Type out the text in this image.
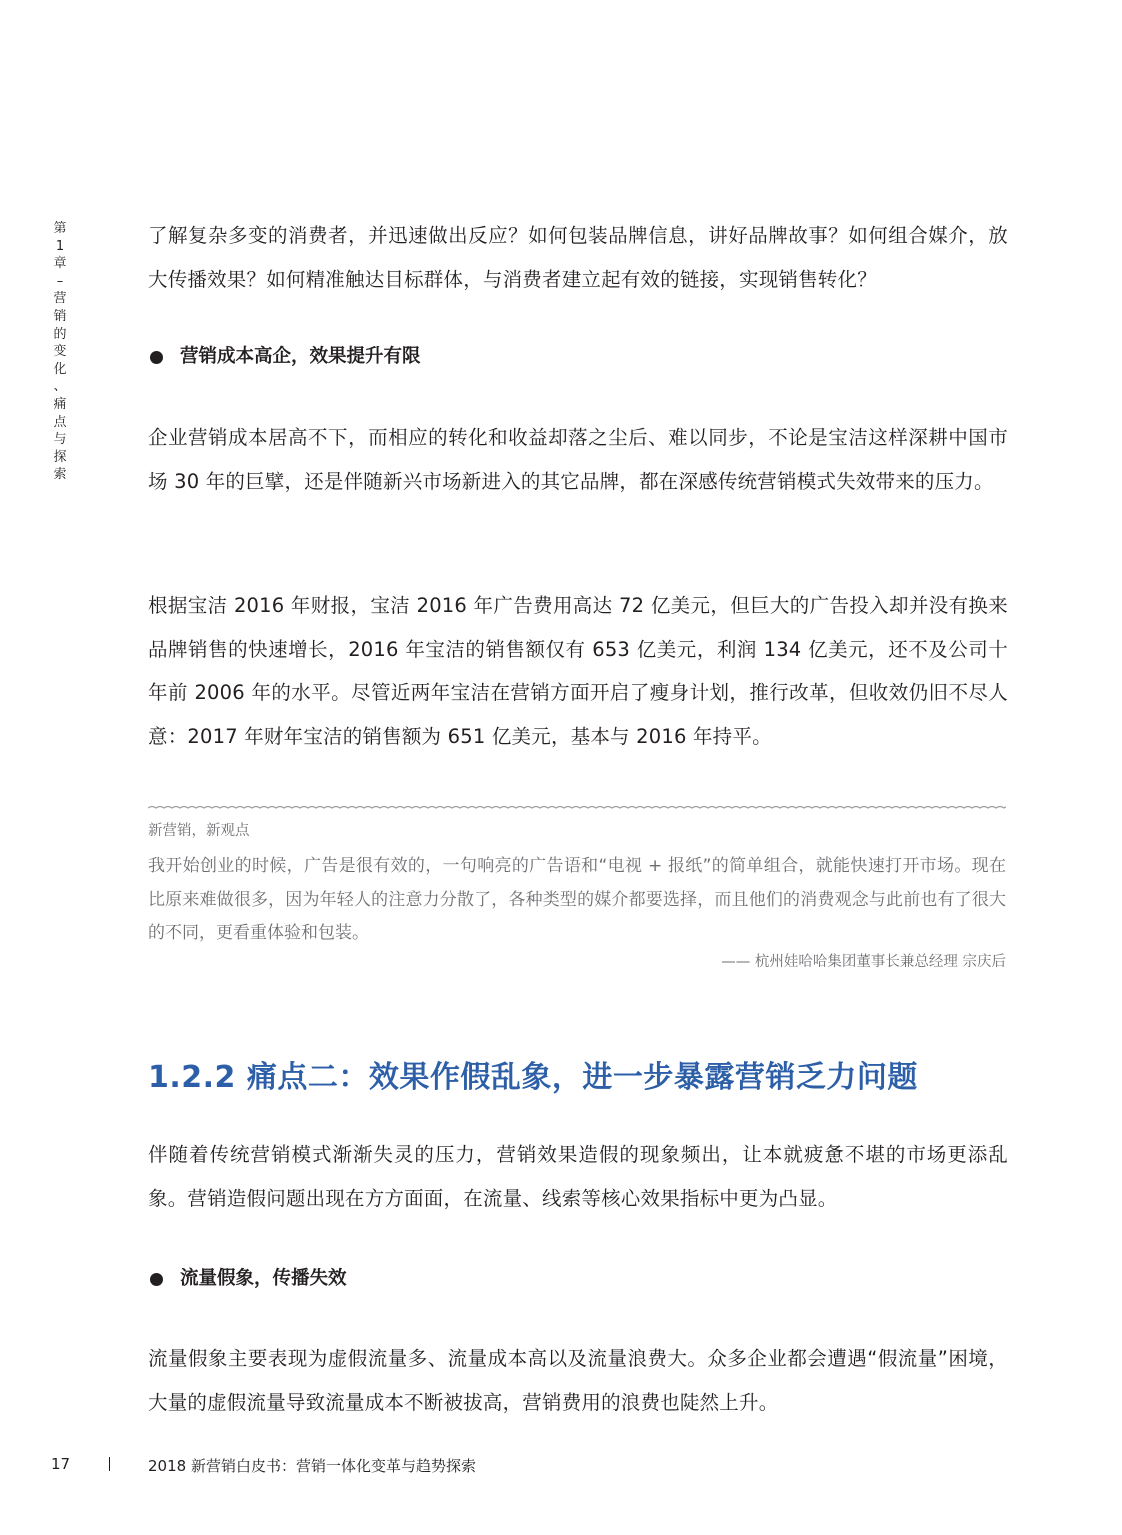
第
1
章
–
营
销
的
变
化
、
痛
点
与
探
索

了解复杂多变的消费者，并迅速做出反应？如何包装品牌信息，讲好品牌故事？如何组合媒介，放大传播效果？如何精准触达目标群体，与消费者建立起有效的链接，实现销售转化？

营销成本高企，效果提升有限

企业营销成本居高不下，而相应的转化和收益却落之尘后、难以同步，不论是宝洁这样深耕中国市场 30 年的巨擘，还是伴随新兴市场新进入的其它品牌，都在深感传统营销模式失效带来的压力。

根据宝洁 2016 年财报，宝洁 2016 年广告费用高达 72 亿美元，但巨大的广告投入却并没有换来品牌销售的快速增长，2016 年宝洁的销售额仅有 653 亿美元，利润 134 亿美元，还不及公司十年前 2006 年的水平。尽管近两年宝洁在营销方面开启了瘦身计划，推行改革，但收效仍旧不尽人意：2017 年财年宝洁的销售额为 651 亿美元，基本与 2016 年持平。

新营销，新观点

我开始创业的时候，广告是很有效的，一句响亮的广告语和“电视 + 报纸”的简单组合，就能快速打开市场。现在比原来难做很多，因为年轻人的注意力分散了，各种类型的媒介都要选择，而且他们的消费观念与此前也有了很大的不同，更看重体验和包装。

—— 杭州娃哈哈集团董事长兼总经理 宗庆后

1.2.2 痛点二：效果作假乱象，进一步暴露营销乏力问题

伴随着传统营销模式渐渐失灵的压力，营销效果造假的现象频出，让本就疲惫不堪的市场更添乱象。营销造假问题出现在方方面面，在流量、线索等核心效果指标中更为凸显。

流量假象，传播失效

流量假象主要表现为虚假流量多、流量成本高以及流量浪费大。众多企业都会遭遇“假流量”困境，大量的虚假流量导致流量成本不断被拔高，营销费用的浪费也陡然上升。

17	2018 新营销白皮书：营销一体化变革与趋势探索
